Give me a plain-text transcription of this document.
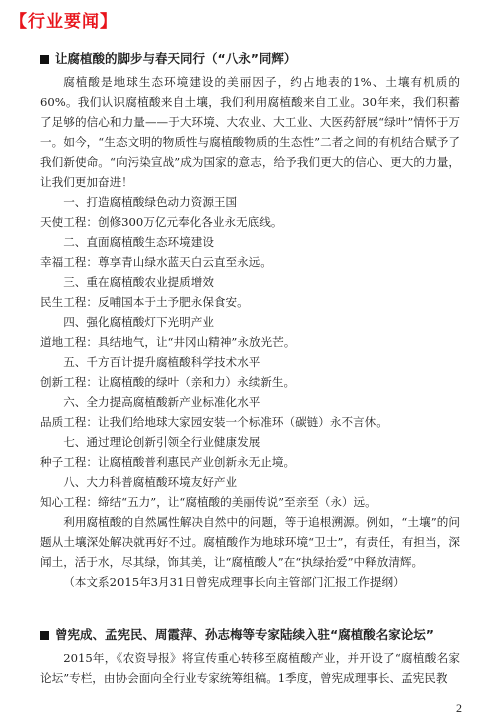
【行业要闻】
让腐植酸的脚步与春天同行（“八永”同辉）

腐植酸是地球生态环境建设的美丽因子，约占地表的1%、土壤有机质的60%。我们认识腐植酸来自土壤，我们利用腐植酸来自工业。30年来，我们积蓄了足够的信心和力量——于大环境、大农业、大工业、大医药舒展“绿叶”情怀于万一。如今，“生态文明的物质性与腐植酸物质的生态性”二者之间的有机结合赋予了我们新使命。“向污染宣战”成为国家的意志，给予我们更大的信心、更大的力量，让我们更加奋进！

一、打造腐植酸绿色动力资源王国

天使工程：创修300万亿元奉化各业永无底线。

二、直面腐植酸生态环境建设

幸福工程：尊享青山绿水蓝天白云直至永远。

三、重在腐植酸农业提质增效

民生工程：反哺国本于土予肥永保食安。

四、强化腐植酸灯下光明产业

道地工程：具结地气，让“井冈山精神”永放光芒。

五、千方百计提升腐植酸科学技术水平

创新工程：让腐植酸的绿叶（亲和力）永续新生。

六、全力提高腐植酸新产业标准化水平

品质工程：让我们给地球大家园安装一个标准环（碳链）永不言休。

七、通过理论创新引领全行业健康发展

种子工程：让腐植酸普利惠民产业创新永无止境。

八、大力科普腐植酸环境友好产业

知心工程：缔结“五力”，让“腐植酸的美丽传说”至亲至（永）远。

利用腐植酸的自然属性解决自然中的问题，等于追根溯源。例如，“土壤”的问题从土壤深处解决就再好不过。腐植酸作为地球环境“卫士”，有责任，有担当，深闻土，活于水，尽其绿，饰其美，让“腐植酸人”在“执绿抬爱”中释放清辉。

（本文系2015年3月31日曾宪成理事长向主管部门汇报工作提纲）

曾宪成、孟宪民、周霞萍、孙志梅等专家陆续入驻“腐植酸名家论坛”

2015年，《农资导报》将宣传重心转移至腐植酸产业，并开设了“腐植酸名家论坛”专栏，由协会面向全行业专家统筹组稿。1季度，曾宪成理事长、孟宪民教

2
